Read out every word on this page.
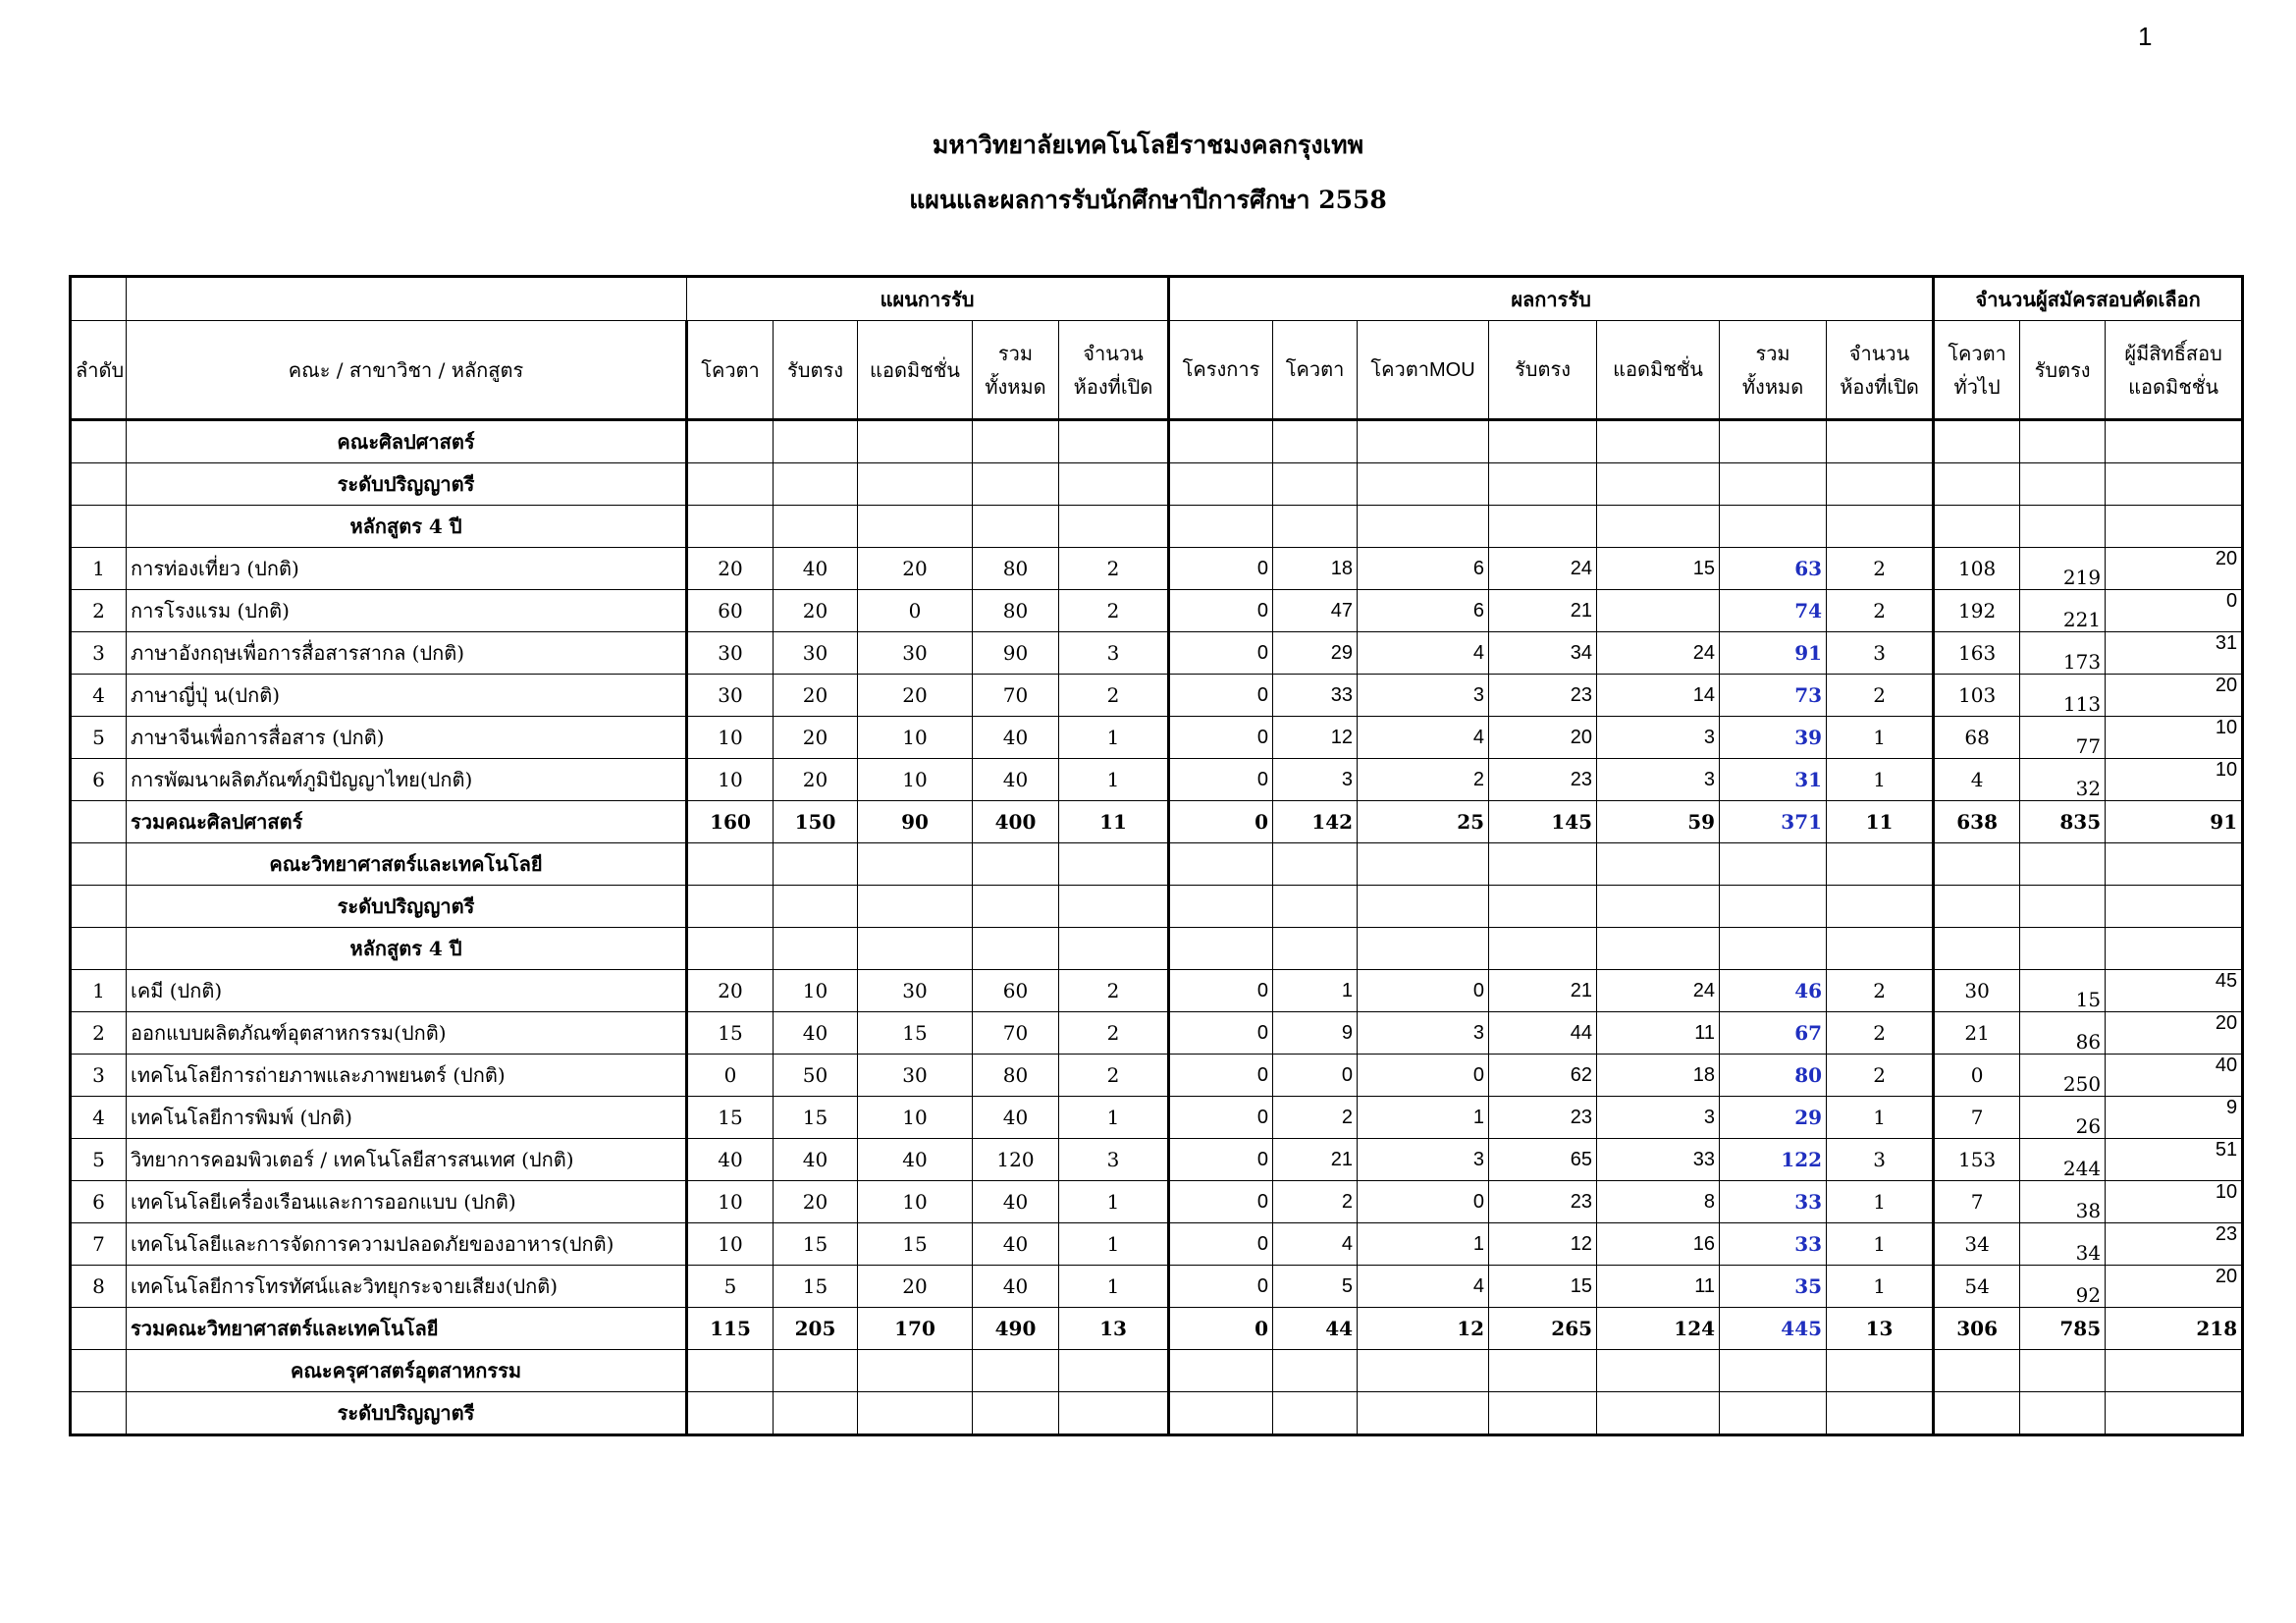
1
มหาวิทยาลัยเทคโนโลยีราชมงคลกรุงเทพ
แผนและผลการรับนักศึกษาปีการศึกษา 2558
		แผนการรับ					ผลการรับ							จำนวนผู้สมัครสอบคัดเลือก		
ลำดับ	คณะ / สาขาวิชา / หลักสูตร	โควตา	รับตรง	แอดมิชชั่น	รวม ทั้งหมด	จำนวน ห้องที่เปิด	โครงการ	โควตา	โควตาMOU	รับตรง	แอดมิชชั่น	รวม ทั้งหมด	จำนวน ห้องที่เปิด	โควตา ทั่วไป	รับตรง	ผู้มีสิทธิ์สอบ แอดมิชชั่น
	คณะศิลปศาสตร์															
	ระดับปริญญาตรี															
	หลักสูตร 4 ปี															
1	การท่องเที่ยว (ปกติ)	20	40	20	80	2	0	18	6	24	15	63	2	108	219	20
2	การโรงแรม (ปกติ)	60	20	0	80	2	0	47	6	21		74	2	192	221	0
3	ภาษาอังกฤษเพื่อการสื่อสารสากล (ปกติ)	30	30	30	90	3	0	29	4	34	24	91	3	163	173	31
4	ภาษาญี่ปุ่ น(ปกติ)	30	20	20	70	2	0	33	3	23	14	73	2	103	113	20
5	ภาษาจีนเพื่อการสื่อสาร (ปกติ)	10	20	10	40	1	0	12	4	20	3	39	1	68	77	10
6	การพัฒนาผลิตภัณฑ์ภูมิปัญญาไทย(ปกติ)	10	20	10	40	1	0	3	2	23	3	31	1	4	32	10
	รวมคณะศิลปศาสตร์	160	150	90	400	11	0	142	25	145	59	371	11	638	835	91
	คณะวิทยาศาสตร์และเทคโนโลยี															
	ระดับปริญญาตรี															
	หลักสูตร 4 ปี															
1	เคมี (ปกติ)	20	10	30	60	2	0	1	0	21	24	46	2	30	15	45
2	ออกแบบผลิตภัณฑ์อุตสาหกรรม(ปกติ)	15	40	15	70	2	0	9	3	44	11	67	2	21	86	20
3	เทคโนโลยีการถ่ายภาพและภาพยนตร์ (ปกติ)	0	50	30	80	2	0	0	0	62	18	80	2	0	250	40
4	เทคโนโลยีการพิมพ์ (ปกติ)	15	15	10	40	1	0	2	1	23	3	29	1	7	26	9
5	วิทยาการคอมพิวเตอร์ / เทคโนโลยีสารสนเทศ (ปกติ)	40	40	40	120	3	0	21	3	65	33	122	3	153	244	51
6	เทคโนโลยีเครื่องเรือนและการออกแบบ (ปกติ)	10	20	10	40	1	0	2	0	23	8	33	1	7	38	10
7	เทคโนโลยีและการจัดการความปลอดภัยของอาหาร(ปกติ)	10	15	15	40	1	0	4	1	12	16	33	1	34	34	23
8	เทคโนโลยีการโทรทัศน์และวิทยุกระจายเสียง(ปกติ)	5	15	20	40	1	0	5	4	15	11	35	1	54	92	20
	รวมคณะวิทยาศาสตร์และเทคโนโลยี	115	205	170	490	13	0	44	12	265	124	445	13	306	785	218
	คณะครุศาสตร์อุตสาหกรรม															
	ระดับปริญญาตรี															
